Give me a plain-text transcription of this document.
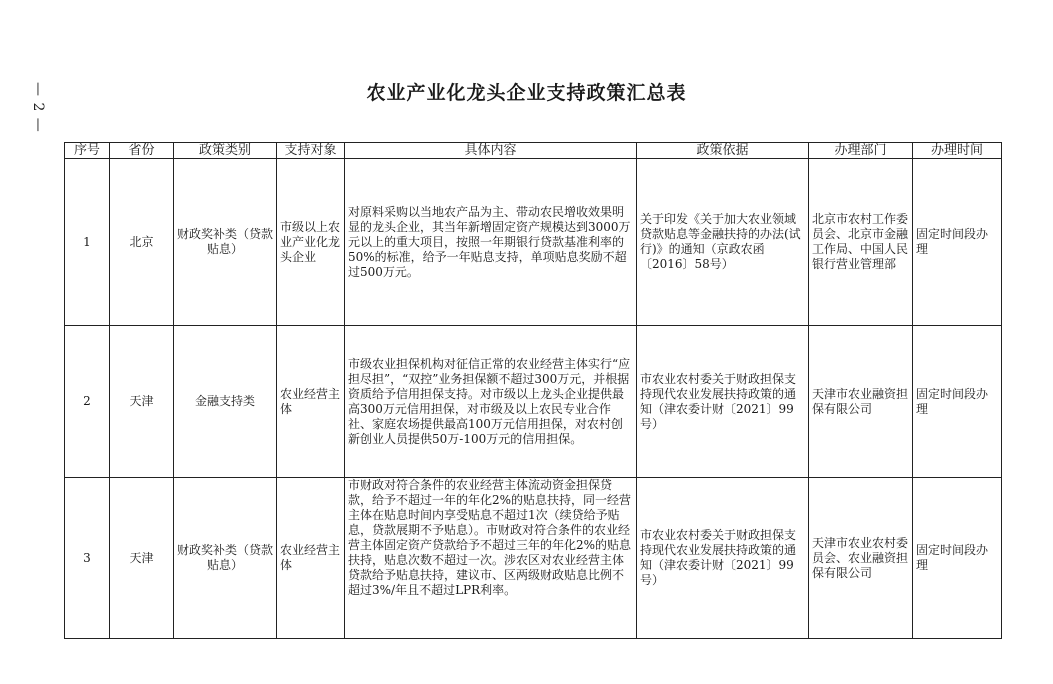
— 2 —	农业产业化龙头企业支持政策汇总表
序号	省份	政策类别	支持对象	具体内容	政策依据	办理部门	办理时间
1	北京	财政奖补类（贷款贴息）	市级以上农业产业化龙头企业	对原料采购以当地农产品为主、带动农民增收效果明显的龙头企业，其当年新增固定资产规模达到3000万元以上的重大项目，按照一年期银行贷款基准利率的50%的标准，给予一年贴息支持，单项贴息奖励不超过500万元。	关于印发《关于加大农业领域贷款贴息等金融扶持的办法(试行)》的通知（京政农函〔2016〕58号）	北京市农村工作委员会、北京市金融工作局、中国人民银行营业管理部	固定时间段办理
2	天津	金融支持类	农业经营主体	市级农业担保机构对征信正常的农业经营主体实行“应担尽担”，“双控”业务担保额不超过300万元，并根据资质给予信用担保支持。对市级以上龙头企业提供最高300万元信用担保，对市级及以上农民专业合作社、家庭农场提供最高100万元信用担保，对农村创新创业人员提供50万-100万元的信用担保。	市农业农村委关于财政担保支持现代农业发展扶持政策的通知（津农委计财〔2021〕99号）	天津市农业融资担保有限公司	固定时间段办理
3	天津	财政奖补类（贷款贴息）	农业经营主体	市财政对符合条件的农业经营主体流动资金担保贷款，给予不超过一年的年化2%的贴息扶持，同一经营主体在贴息时间内享受贴息不超过1次（续贷给予贴息，贷款展期不予贴息）。市财政对符合条件的农业经营主体固定资产贷款给予不超过三年的年化2%的贴息扶持，贴息次数不超过一次。涉农区对农业经营主体贷款给予贴息扶持，建议市、区两级财政贴息比例不超过3%/年且不超过LPR利率。	市农业农村委关于财政担保支持现代农业发展扶持政策的通知（津农委计财〔2021〕99号）	天津市农业农村委员会、农业融资担保有限公司	固定时间段办理
